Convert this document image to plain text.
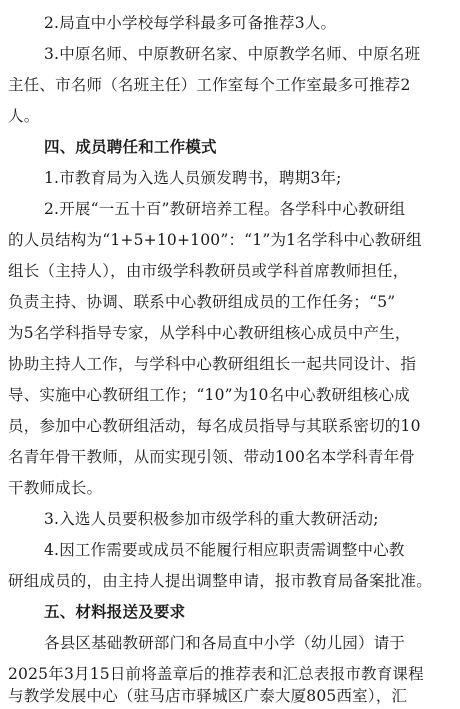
2.局直中小学校每学科最多可备推荐3人。
3.中原名师、中原教研名家、中原教学名师、中原名班
主任、市名师（名班主任）工作室每个工作室最多可推荐2
人。
四、成员聘任和工作模式
1.市教育局为入选人员颁发聘书，聘期3年;
2.开展“一五十百”教研培养工程。各学科中心教研组
的人员结构为“1+5+10+100”：“1”为1名学科中心教研组
组长（主持人），由市级学科教研员或学科首席教师担任，
负责主持、协调、联系中心教研组成员的工作任务；“5”
为5名学科指导专家，从学科中心教研组核心成员中产生，
协助主持人工作，与学科中心教研组组长一起共同设计、指
导、实施中心教研组工作；“10”为10名中心教研组核心成
员，参加中心教研组活动，每名成员指导与其联系密切的10
名青年骨干教师，从而实现引领、带动100名本学科青年骨
干教师成长。
3.入选人员要积极参加市级学科的重大教研活动;
4.因工作需要或成员不能履行相应职责需调整中心教
研组成员的，由主持人提出调整申请，报市教育局备案批准。
五、材料报送及要求
各县区基础教研部门和各局直中小学（幼儿园）请于
2025年3月15日前将盖章后的推荐表和汇总表报市教育课程
与教学发展中心（驻马店市驿城区广泰大厦805西室），汇
